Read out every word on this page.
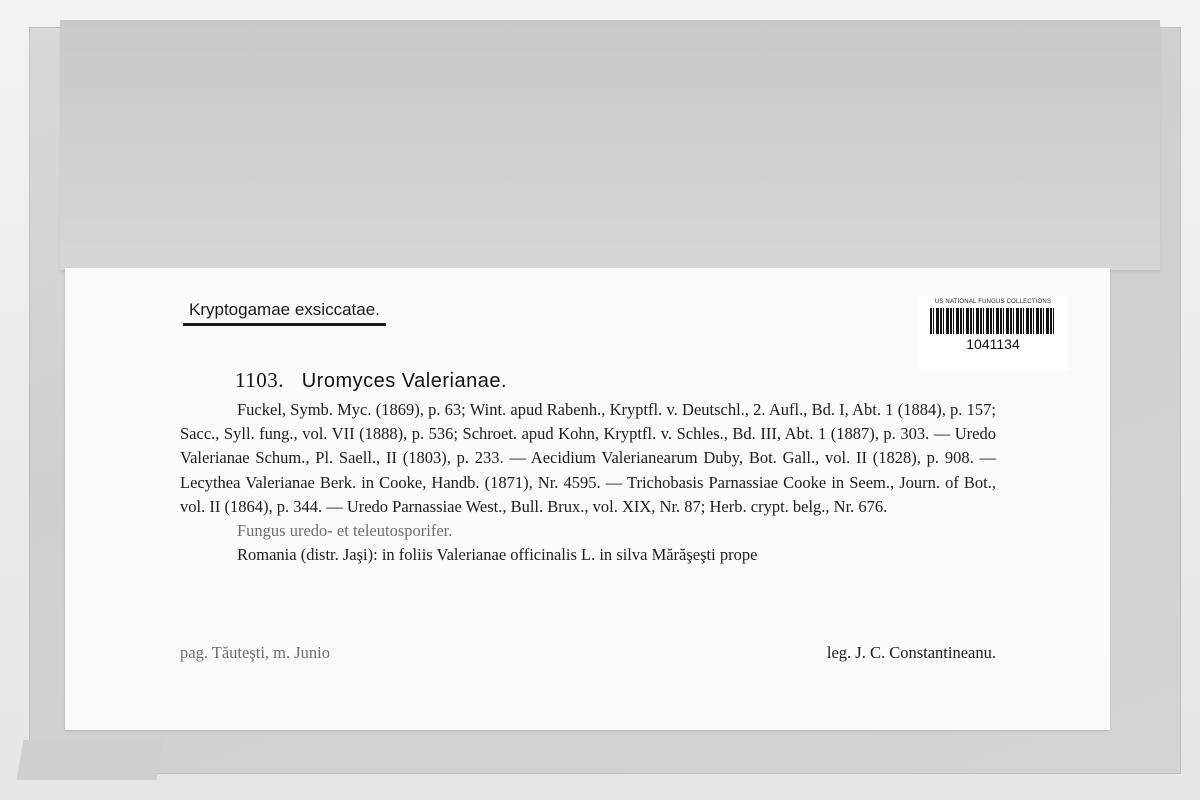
Kryptogamae exsiccatae.	US NATIONAL FUNGUS COLLECTIONS
1041134
1103. Uromyces Valerianae.

Fuckel, Symb. Myc. (1869), p. 63; Wint. apud Rabenh., Kryptfl. v. Deutschl., 2. Aufl., Bd. I, Abt. 1 (1884), p. 157; Sacc., Syll. fung., vol. VII (1888), p. 536; Schroet. apud Kohn, Kryptfl. v. Schles., Bd. III, Abt. 1 (1887), p. 303. — Uredo Valerianae Schum., Pl. Saell., II (1803), p. 233. — Aecidium Valerianearum Duby, Bot. Gall., vol. II (1828), p. 908. — Lecythea Valerianae Berk. in Cooke, Handb. (1871), Nr. 4595. — Trichobasis Parnassiae Cooke in Seem., Journ. of Bot., vol. II (1864), p. 344. — Uredo Parnassiae West., Bull. Brux., vol. XIX, Nr. 87; Herb. crypt. belg., Nr. 676.

Fungus uredo- et teleutosporifer.

Romania (distr. Jaşi): in foliis Valerianae officinalis L. in silva Mărăşeşti prope

pag. Tăuteşti, m. Junio	leg. J. C. Constantineanu.
